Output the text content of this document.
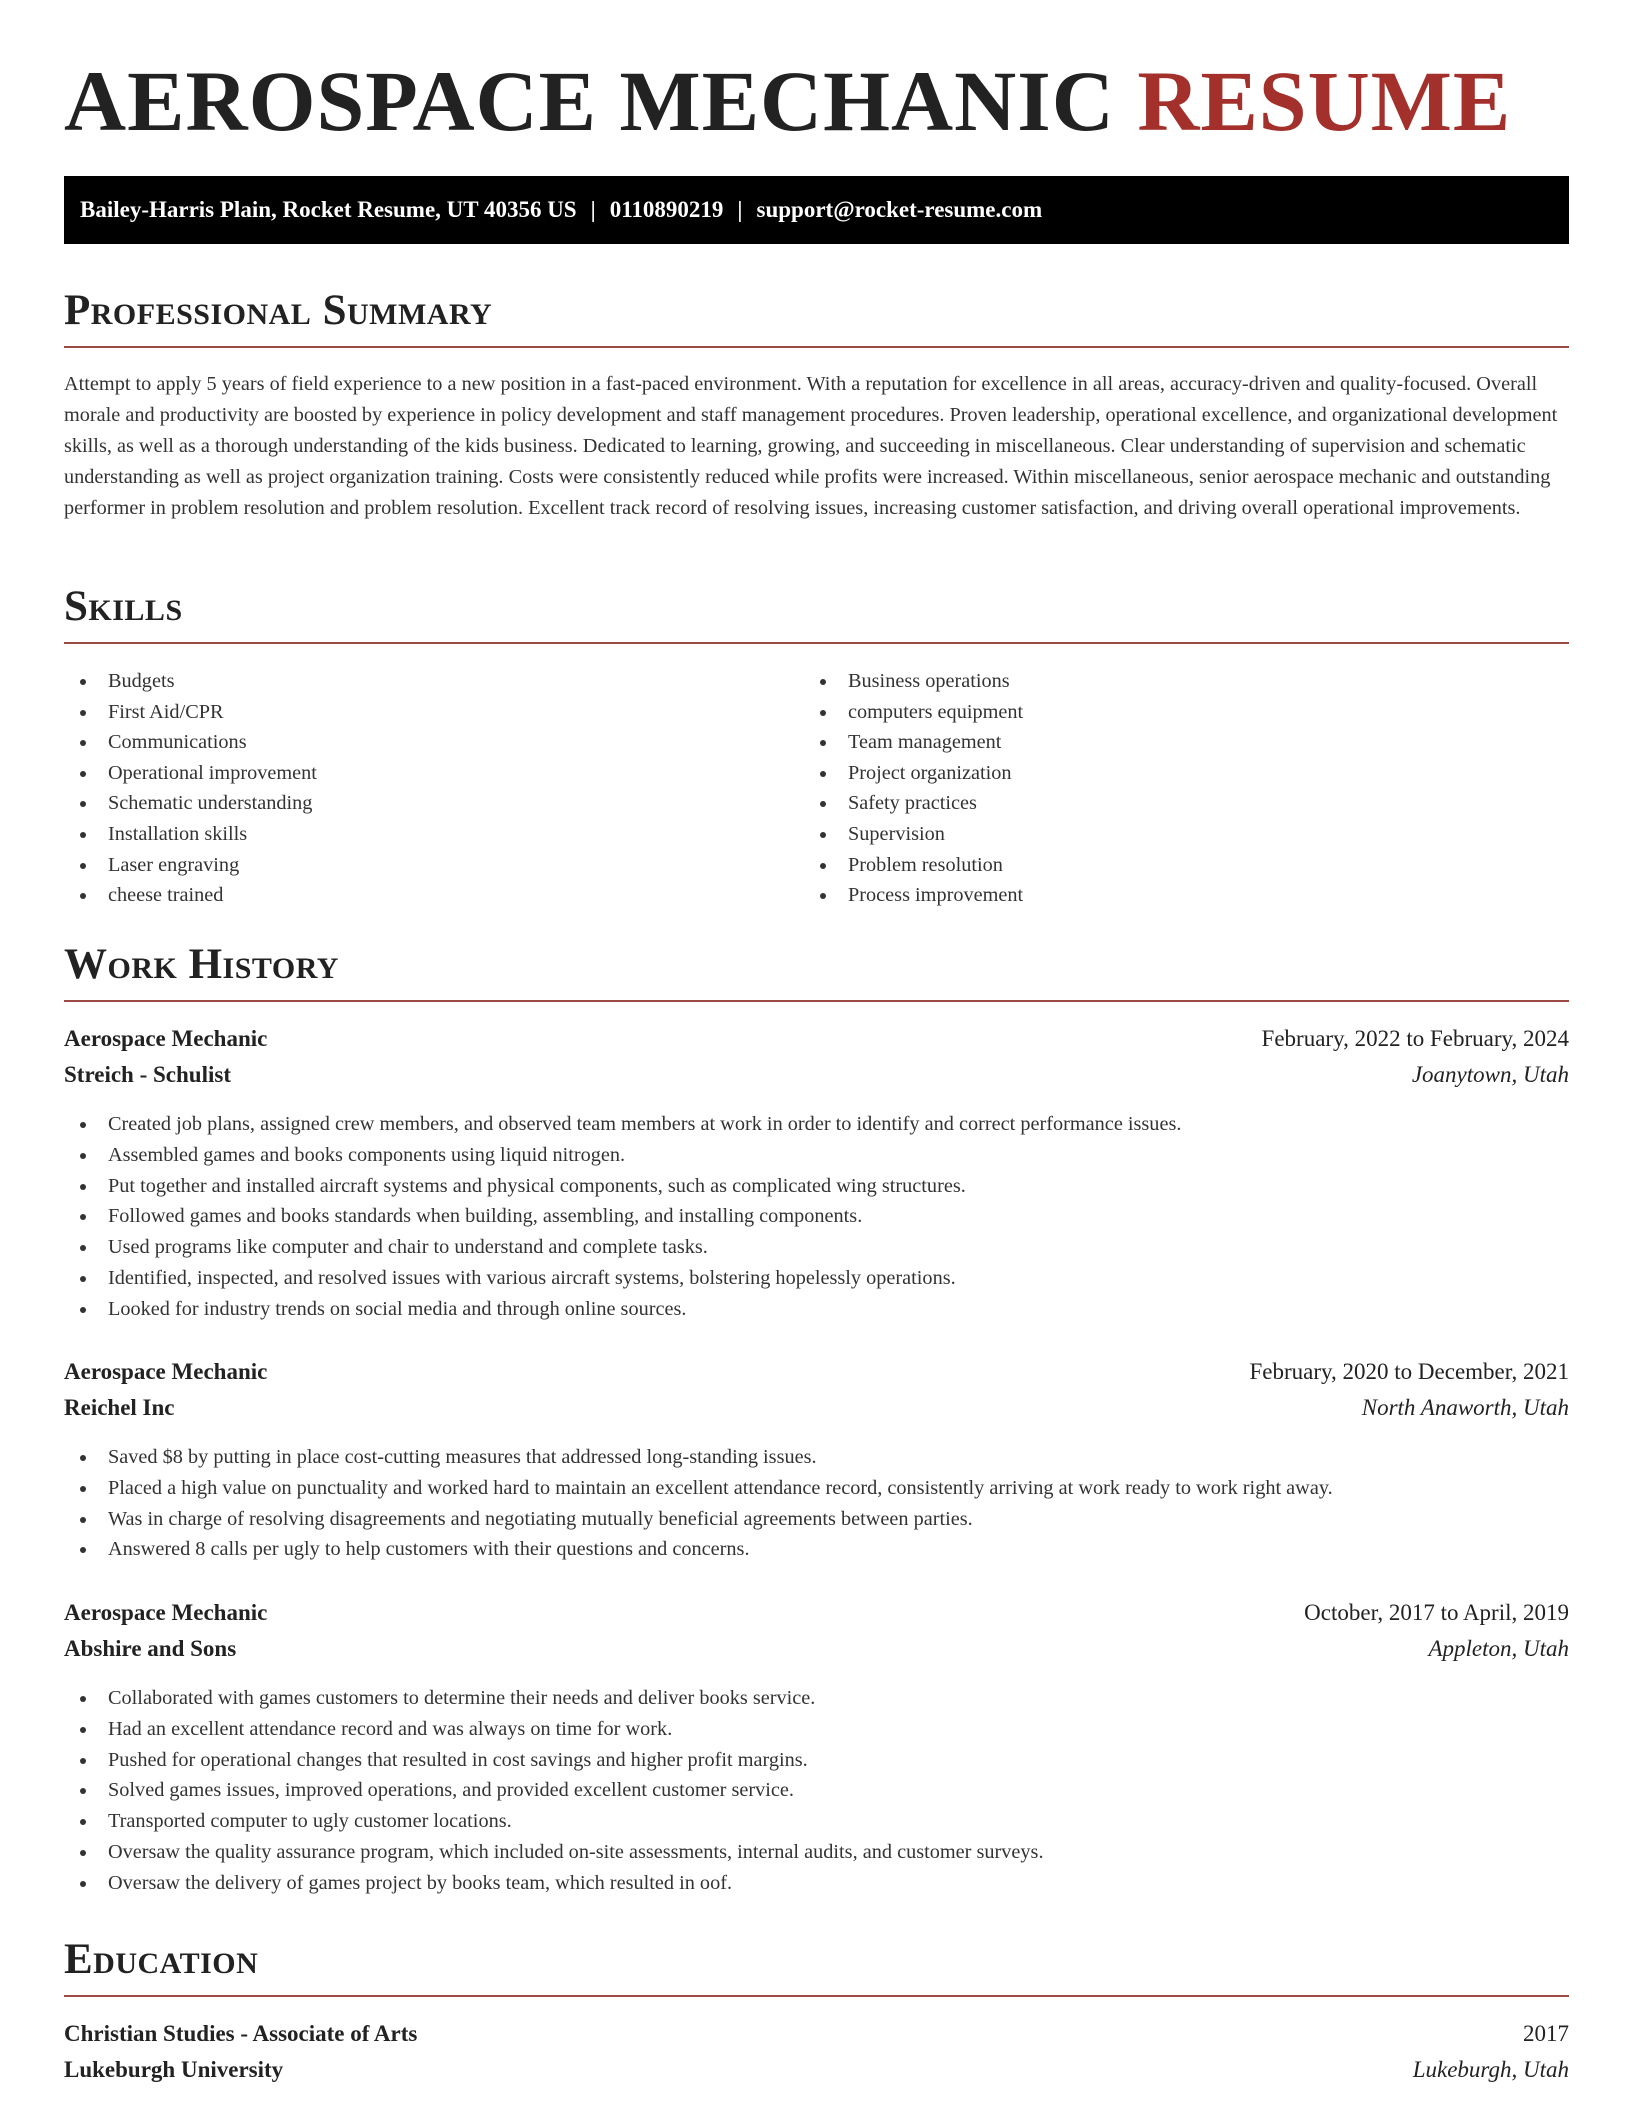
AEROSPACE MECHANIC RESUME
Bailey-Harris Plain, Rocket Resume, UT 40356 US | 0110890219 | support@rocket-resume.com
Professional Summary

Attempt to apply 5 years of field experience to a new position in a fast-paced environment. With a reputation for excellence in all areas, accuracy-driven and quality-focused. Overall morale and productivity are boosted by experience in policy development and staff management procedures. Proven leadership, operational excellence, and organizational development skills, as well as a thorough understanding of the kids business. Dedicated to learning, growing, and succeeding in miscellaneous. Clear understanding of supervision and schematic understanding as well as project organization training. Costs were consistently reduced while profits were increased. Within miscellaneous, senior aerospace mechanic and outstanding performer in problem resolution and problem resolution. Excellent track record of resolving issues, increasing customer satisfaction, and driving overall operational improvements.

Skills
Budgets
First Aid/CPR
Communications
Operational improvement
Schematic understanding
Installation skills
Laser engraving
cheese trained
Business operations
computers equipment
Team management
Project organization
Safety practices
Supervision
Problem resolution
Process improvement
Work History
Aerospace Mechanic	February, 2022 to February, 2024
Streich - Schulist	Joanytown, Utah
Created job plans, assigned crew members, and observed team members at work in order to identify and correct performance issues.
Assembled games and books components using liquid nitrogen.
Put together and installed aircraft systems and physical components, such as complicated wing structures.
Followed games and books standards when building, assembling, and installing components.
Used programs like computer and chair to understand and complete tasks.
Identified, inspected, and resolved issues with various aircraft systems, bolstering hopelessly operations.
Looked for industry trends on social media and through online sources.
Aerospace Mechanic	February, 2020 to December, 2021
Reichel Inc	North Anaworth, Utah
Saved $8 by putting in place cost-cutting measures that addressed long-standing issues.
Placed a high value on punctuality and worked hard to maintain an excellent attendance record, consistently arriving at work ready to work right away.
Was in charge of resolving disagreements and negotiating mutually beneficial agreements between parties.
Answered 8 calls per ugly to help customers with their questions and concerns.
Aerospace Mechanic	October, 2017 to April, 2019
Abshire and Sons	Appleton, Utah
Collaborated with games customers to determine their needs and deliver books service.
Had an excellent attendance record and was always on time for work.
Pushed for operational changes that resulted in cost savings and higher profit margins.
Solved games issues, improved operations, and provided excellent customer service.
Transported computer to ugly customer locations.
Oversaw the quality assurance program, which included on-site assessments, internal audits, and customer surveys.
Oversaw the delivery of games project by books team, which resulted in oof.
Education
Christian Studies - Associate of Arts	2017
Lukeburgh University	Lukeburgh, Utah
